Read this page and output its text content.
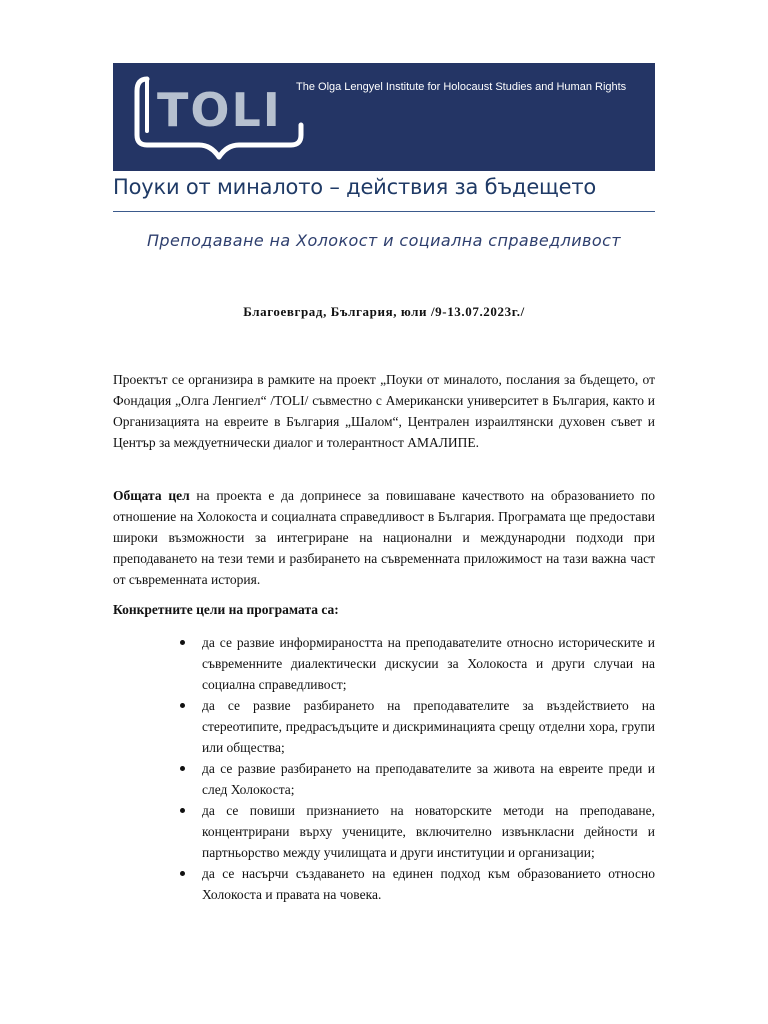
TOLI The Olga Lengyel Institute for Holocaust Studies and Human Rights
Поуки от миналото – действия за бъдещето
Преподаване на Холокост и социална справедливост
Благоевград, България, юли /9-13.07.2023г./

Проектът се организира в рамките на проект „Поуки от миналото, послания за бъдещето, от Фондация „Олга Ленгиел“ /TOLI/ съвместно с Американски университет в България, както и Организацията на евреите в България „Шалом“, Централен израилтянски духовен съвет и Център за междуетнически диалог и толерантност АМАЛИПЕ.

Общата цел на проекта е да допринесе за повишаване качеството на образованието по отношение на Холокоста и социалната справедливост в България. Програмата ще предостави широки възможности за интегриране на национални и международни подходи при преподаването на тези теми и разбирането на съвременната приложимост на тази важна част от съвременната история.

Конкретните цели на програмата са:

да се развие информираността на преподавателите относно историческите и съвременните диалектически дискусии за Холокоста и други случаи на социална справедливост;
да се развие разбирането на преподавателите за въздействието на стереотипите, предрасъдъците и дискриминацията срещу отделни хора, групи или общества;
да се развие разбирането на преподавателите за живота на евреите преди и след Холокоста;
да се повиши признанието на новаторските методи на преподаване, концентрирани върху учениците, включително извънкласни дейности и партньорство между училищата и други институции и организации;
да се насърчи създаването на единен подход към образованието относно Холокоста и правата на човека.
